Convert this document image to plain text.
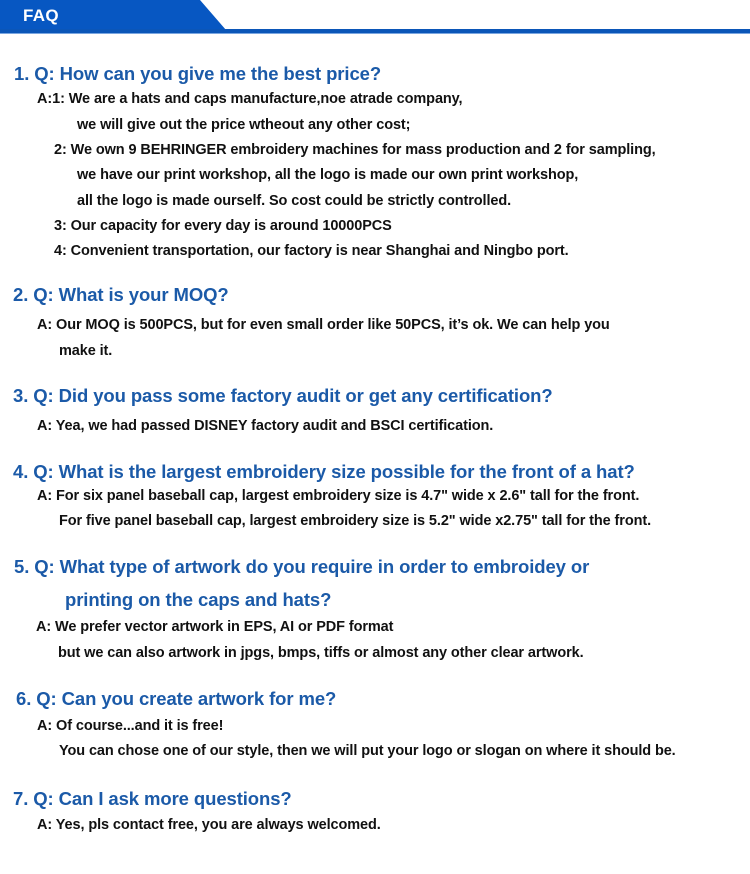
FAQ
1. Q: How can you give me the best price?
A:1: We are a hats and caps manufacture,noe atrade company,
we will give out the price wtheout any other cost;
2: We own 9 BEHRINGER embroidery machines for mass production and 2 for sampling,
we have our print workshop, all the logo is made our own print workshop,
all the logo is made ourself. So cost could be strictly controlled.
3: Our capacity for every day is around 10000PCS
4: Convenient transportation, our factory is near Shanghai and Ningbo port.
2. Q: What is your MOQ?
A: Our MOQ is 500PCS, but for even small order like 50PCS, it’s ok. We can help you
make it.
3. Q: Did you pass some factory audit or get any certification?
A: Yea, we had passed DISNEY factory audit and BSCI certification.
4. Q: What is the largest embroidery size possible for the front of a hat?
A: For six panel baseball cap, largest embroidery size is 4.7" wide x 2.6" tall for the front.
For five panel baseball cap, largest embroidery size is 5.2" wide x2.75" tall for the front.
5. Q: What type of artwork do you require in order to embroidey or
printing on the caps and hats?
A: We prefer vector artwork in EPS, AI or PDF format
but we can also artwork in jpgs, bmps, tiffs or almost any other clear artwork.
6. Q: Can you create artwork for me?
A: Of course...and it is free!
You can chose one of our style, then we will put your logo or slogan on where it should be.
7. Q: Can I ask more questions?
A: Yes, pls contact free, you are always welcomed.
